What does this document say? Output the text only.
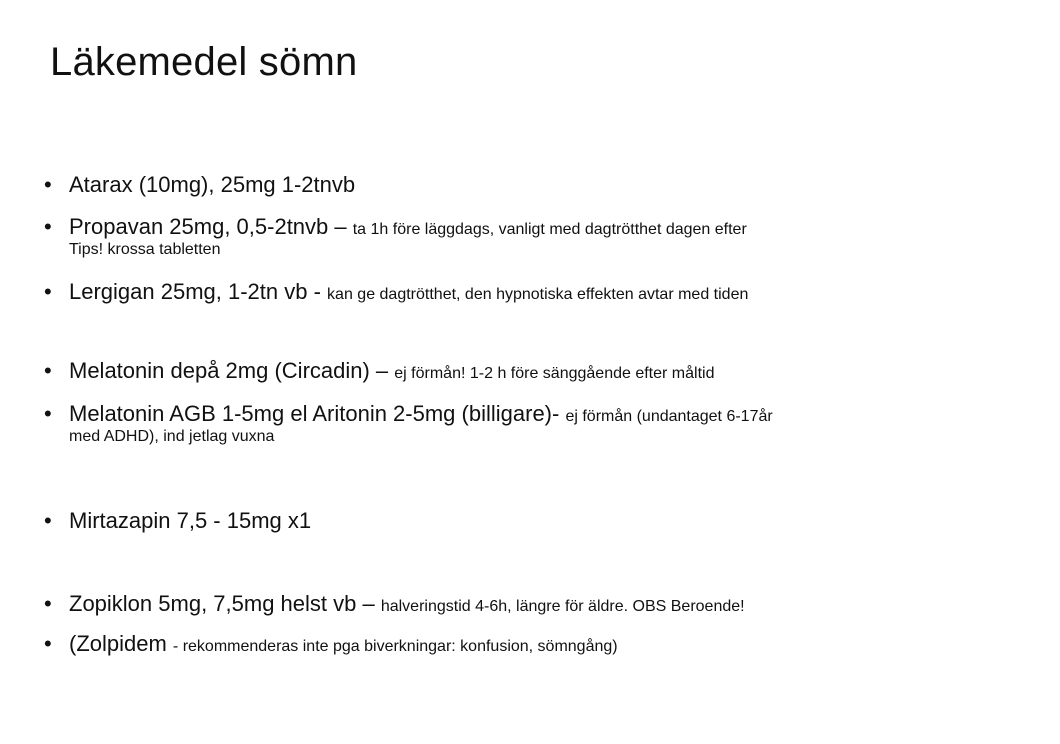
Läkemedel sömn
• Atarax (10mg), 25mg 1-2tnvb
• Propavan 25mg, 0,5-2tnvb – ta 1h före läggdags, vanligt med dagtrötthet dagen efter
Tips! krossa tabletten
• Lergigan 25mg, 1-2tn vb - kan ge dagtrötthet, den hypnotiska effekten avtar med tiden
• Melatonin depå 2mg (Circadin) – ej förmån! 1-2 h före sänggående efter måltid
• Melatonin AGB 1-5mg el Aritonin 2-5mg (billigare)- ej förmån (undantaget 6-17år
med ADHD), ind jetlag vuxna
• Mirtazapin 7,5 - 15mg x1
• Zopiklon 5mg, 7,5mg helst vb – halveringstid 4-6h, längre för äldre. OBS Beroende!
• (Zolpidem - rekommenderas inte pga biverkningar: konfusion, sömngång)
